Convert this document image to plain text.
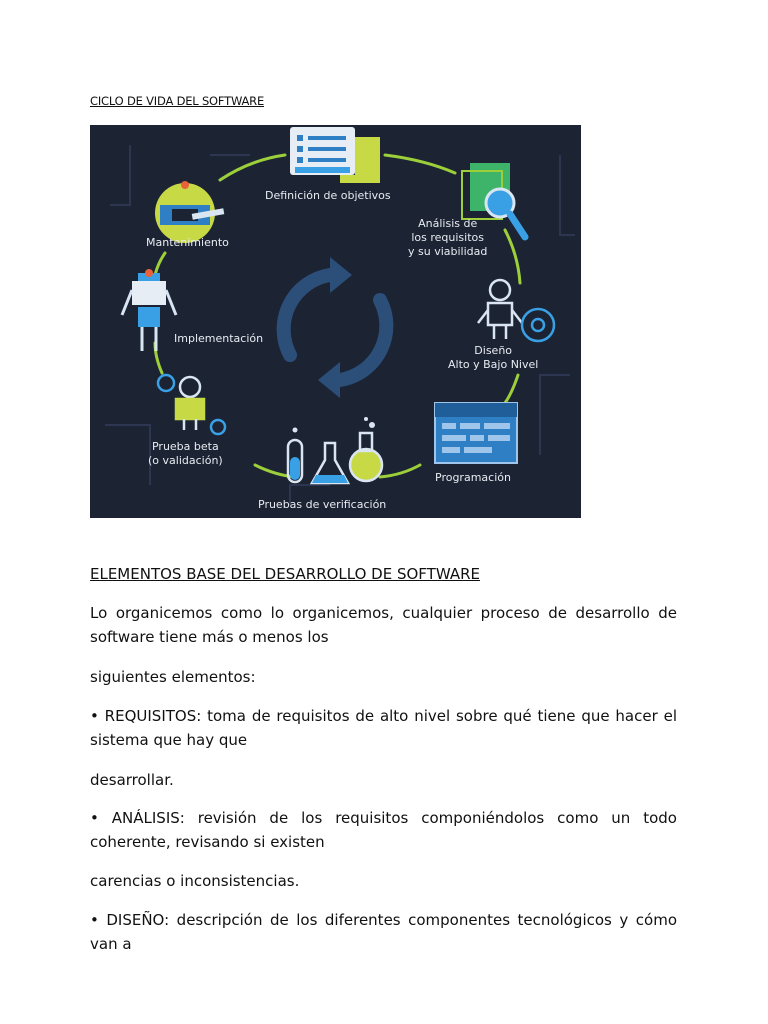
CICLO DE VIDA DEL SOFTWARE
Definición de objetivos
Análisis de
los requisitos
y su viabilidad
Diseño
Alto y Bajo Nivel
Programación
Pruebas de verificación
Prueba beta
(o validación)
Implementación
Mantenimiento
ELEMENTOS BASE DEL DESARROLLO DE SOFTWARE
Lo organicemos como lo organicemos, cualquier proceso de desarrollo de software tiene más o menos los
siguientes elementos:
• REQUISITOS: toma de requisitos de alto nivel sobre qué tiene que hacer el sistema que hay que
desarrollar.
• ANÁLISIS: revisión de los requisitos componiéndolos como un todo coherente, revisando si existen
carencias o inconsistencias.
• DISEÑO: descripción de los diferentes componentes tecnológicos y cómo van a
